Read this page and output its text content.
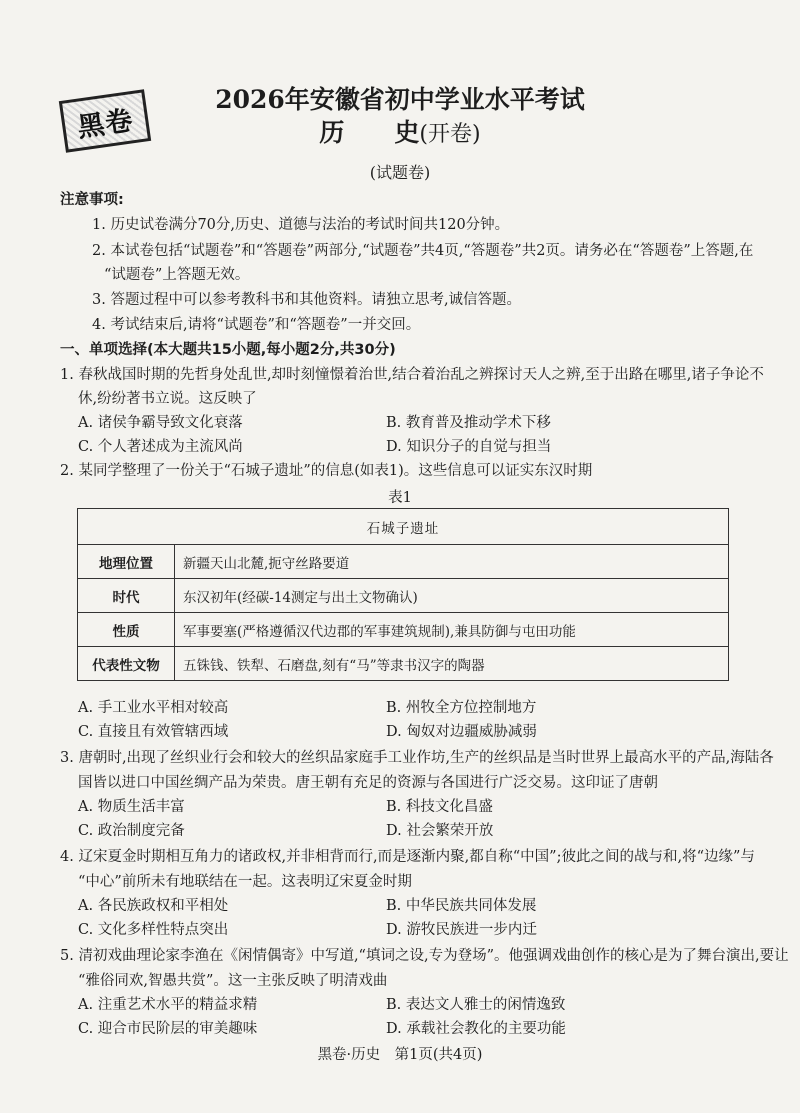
黑卷
2026年安徽省初中学业水平考试
历　　史(开卷)
(试题卷)
注意事项:
1. 历史试卷满分70分,历史、道德与法治的考试时间共120分钟。
2. 本试卷包括“试题卷”和“答题卷”两部分,“试题卷”共4页,“答题卷”共2页。请务必在“答题卷”上答题,在
“试题卷”上答题无效。
3. 答题过程中可以参考教科书和其他资料。请独立思考,诚信答题。
4. 考试结束后,请将“试题卷”和“答题卷”一并交回。
一、单项选择(本大题共15小题,每小题2分,共30分)
1. 春秋战国时期的先哲身处乱世,却时刻憧憬着治世,结合着治乱之辨探讨天人之辨,至于出路在哪里,诸子争论不
休,纷纷著书立说。这反映了
A. 诸侯争霸导致文化衰落	B. 教育普及推动学术下移
C. 个人著述成为主流风尚	D. 知识分子的自觉与担当
2. 某同学整理了一份关于“石城子遗址”的信息(如表1)。这些信息可以证实东汉时期
表1
石城子遗址	
地理位置	新疆天山北麓,扼守丝路要道
时代	东汉初年(经碳-14测定与出土文物确认)
性质	军事要塞(严格遵循汉代边郡的军事建筑规制),兼具防御与屯田功能
代表性文物	五铢钱、铁犁、石磨盘,刻有“马”等隶书汉字的陶器
A. 手工业水平相对较高	B. 州牧全方位控制地方
C. 直接且有效管辖西域	D. 匈奴对边疆威胁减弱
3. 唐朝时,出现了丝织业行会和较大的丝织品家庭手工业作坊,生产的丝织品是当时世界上最高水平的产品,海陆各
国皆以进口中国丝绸产品为荣贵。唐王朝有充足的资源与各国进行广泛交易。这印证了唐朝
A. 物质生活丰富	B. 科技文化昌盛
C. 政治制度完备	D. 社会繁荣开放
4. 辽宋夏金时期相互角力的诸政权,并非相背而行,而是逐渐内聚,都自称“中国”;彼此之间的战与和,将“边缘”与
“中心”前所未有地联结在一起。这表明辽宋夏金时期
A. 各民族政权和平相处	B. 中华民族共同体发展
C. 文化多样性特点突出	D. 游牧民族进一步内迁
5. 清初戏曲理论家李渔在《闲情偶寄》中写道,“填词之设,专为登场”。他强调戏曲创作的核心是为了舞台演出,要让
“雅俗同欢,智愚共赏”。这一主张反映了明清戏曲
A. 注重艺术水平的精益求精	B. 表达文人雅士的闲情逸致
C. 迎合市民阶层的审美趣味	D. 承载社会教化的主要功能
黑卷·历史　第1页(共4页)
